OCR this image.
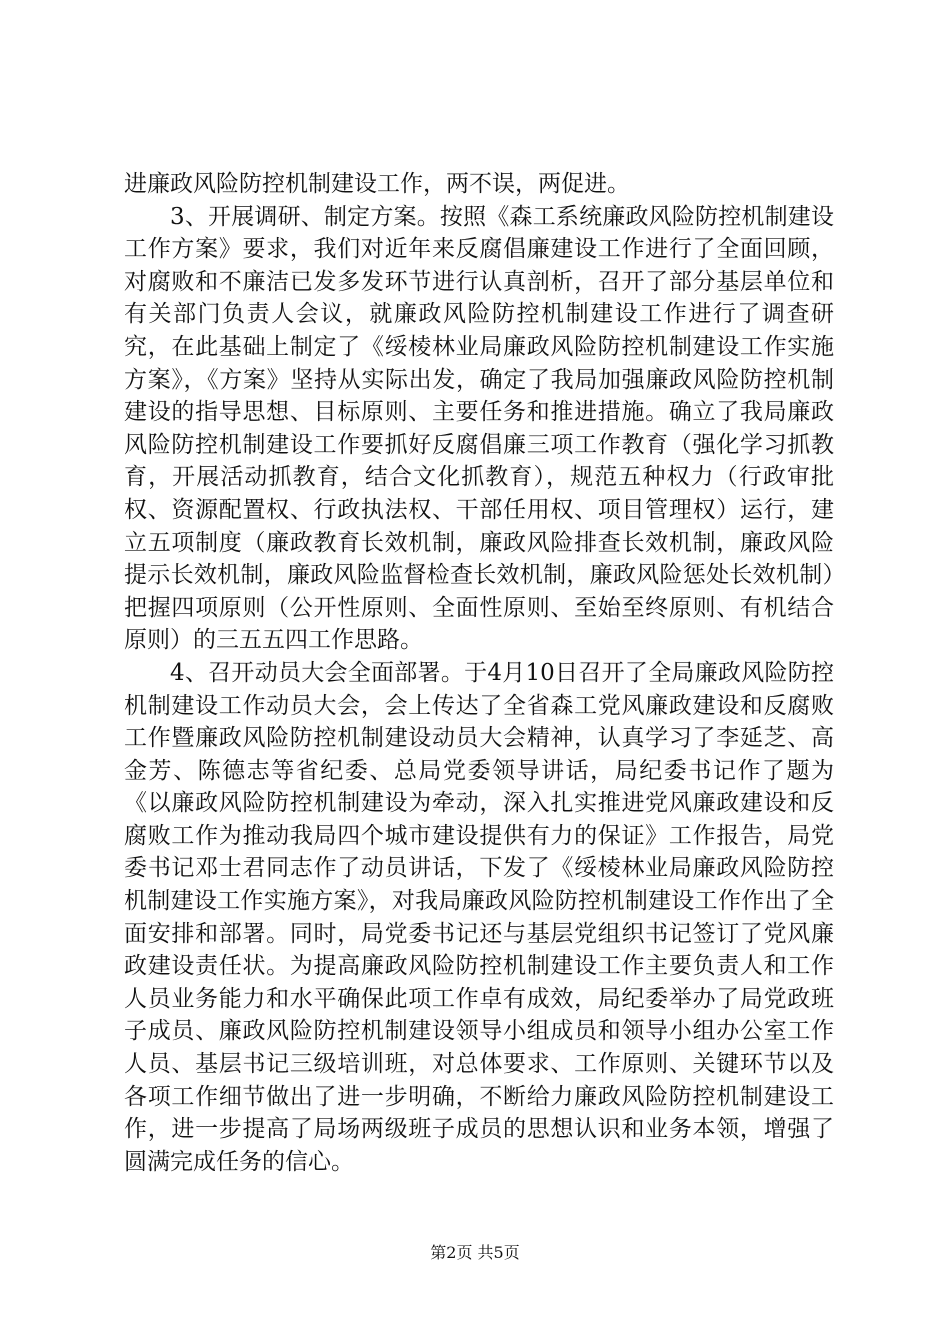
进廉政风险防控机制建设工作，两不误，两促进。

3、开展调研、制定方案。按照《森工系统廉政风险防控机制建设工作方案》要求，我们对近年来反腐倡廉建设工作进行了全面回顾，对腐败和不廉洁已发多发环节进行认真剖析，召开了部分基层单位和有关部门负责人会议，就廉政风险防控机制建设工作进行了调查研究，在此基础上制定了《绥棱林业局廉政风险防控机制建设工作实施方案》，《方案》坚持从实际出发，确定了我局加强廉政风险防控机制建设的指导思想、目标原则、主要任务和推进措施。确立了我局廉政风险防控机制建设工作要抓好反腐倡廉三项工作教育（强化学习抓教育，开展活动抓教育，结合文化抓教育），规范五种权力（行政审批权、资源配置权、行政执法权、干部任用权、项目管理权）运行，建立五项制度（廉政教育长效机制，廉政风险排查长效机制，廉政风险提示长效机制，廉政风险监督检查长效机制，廉政风险惩处长效机制）把握四项原则（公开性原则、全面性原则、至始至终原则、有机结合原则）的三五五四工作思路。

4、召开动员大会全面部署。于4月10日召开了全局廉政风险防控机制建设工作动员大会，会上传达了全省森工党风廉政建设和反腐败工作暨廉政风险防控机制建设动员大会精神，认真学习了李延芝、高金芳、陈德志等省纪委、总局党委领导讲话，局纪委书记作了题为《以廉政风险防控机制建设为牵动，深入扎实推进党风廉政建设和反腐败工作为推动我局四个城市建设提供有力的保证》工作报告，局党委书记邓士君同志作了动员讲话，下发了《绥棱林业局廉政风险防控机制建设工作实施方案》，对我局廉政风险防控机制建设工作作出了全面安排和部署。同时，局党委书记还与基层党组织书记签订了党风廉政建设责任状。为提高廉政风险防控机制建设工作主要负责人和工作人员业务能力和水平确保此项工作卓有成效，局纪委举办了局党政班子成员、廉政风险防控机制建设领导小组成员和领导小组办公室工作人员、基层书记三级培训班，对总体要求、工作原则、关键环节以及各项工作细节做出了进一步明确，不断给力廉政风险防控机制建设工作，进一步提高了局场两级班子成员的思想认识和业务本领，增强了圆满完成任务的信心。

第2页 共5页
